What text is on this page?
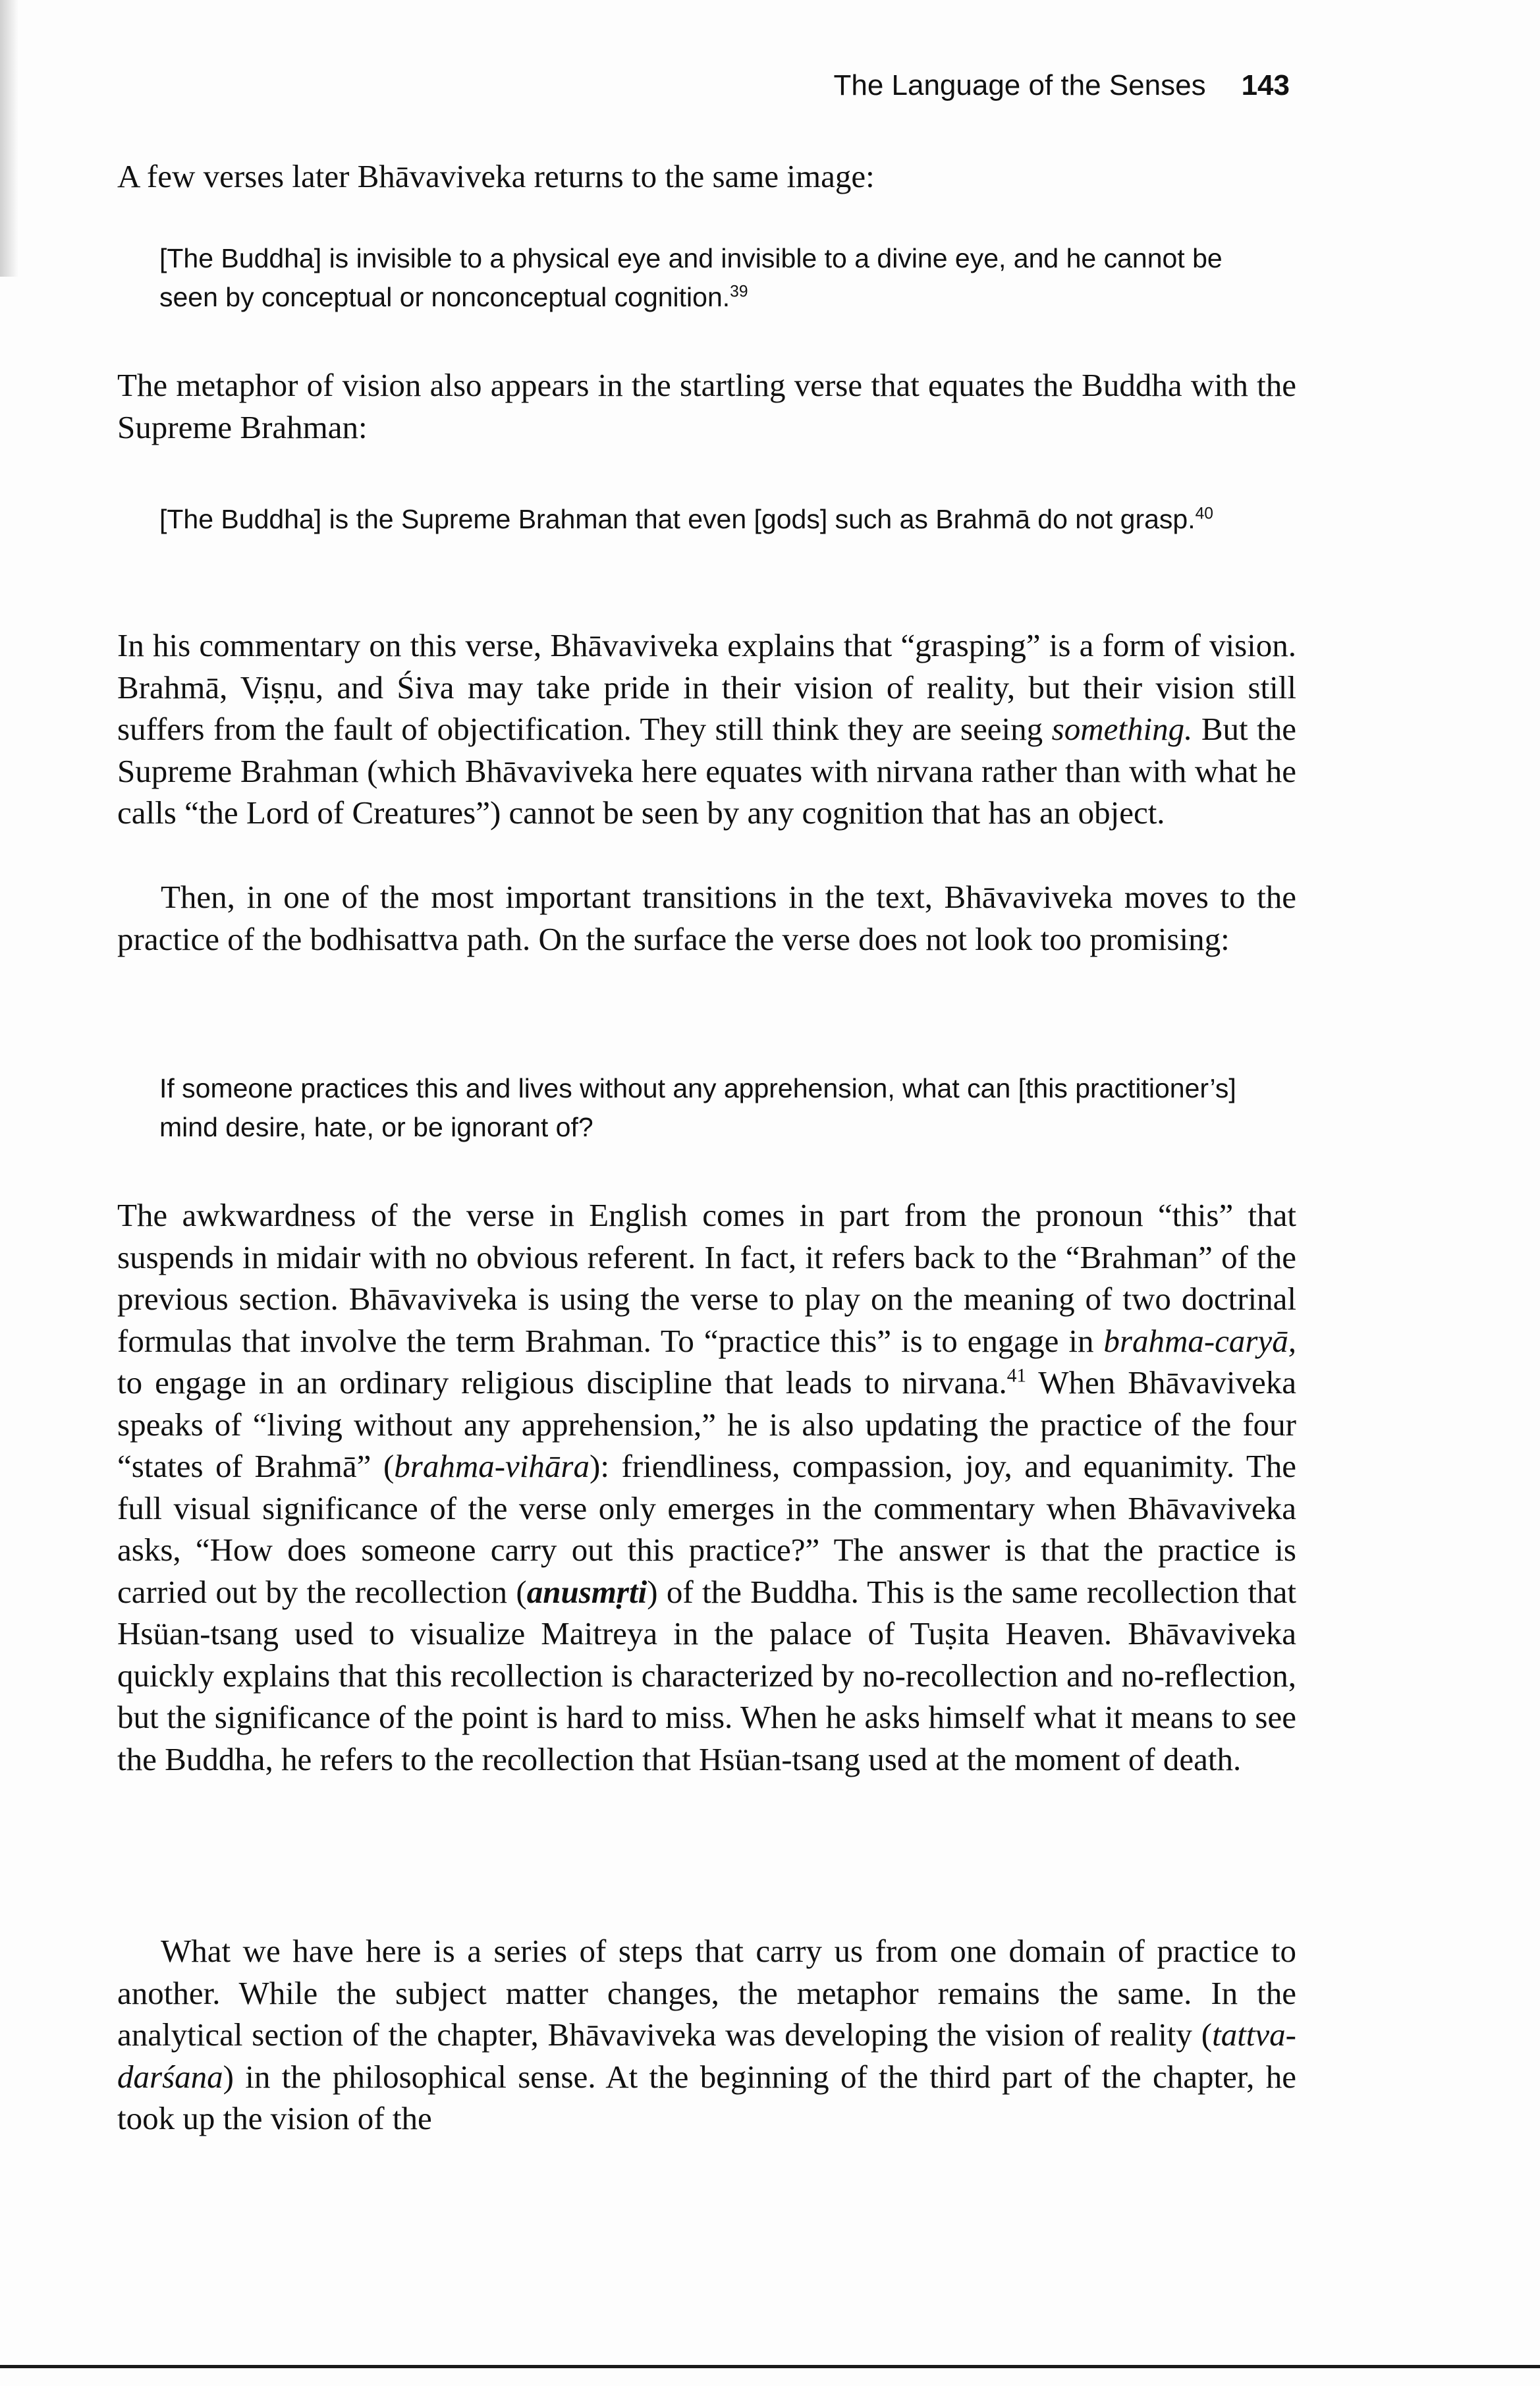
The Language of the Senses 143
A few verses later Bhāvaviveka returns to the same image:
[The Buddha] is invisible to a physical eye and invisible to a divine eye, and he cannot be seen by conceptual or nonconceptual cognition.$^{39}$
The metaphor of vision also appears in the startling verse that equates the Buddha with the Supreme Brahman:
[The Buddha] is the Supreme Brahman that even [gods] such as Brahmā do not grasp.$^{40}$
In his commentary on this verse, Bhāvaviveka explains that “grasping” is a form of vision. Brahmā, Viṣṇu, and Śiva may take pride in their vision of reality, but their vision still suffers from the fault of objectification. They still think they are seeing something. But the Supreme Brahman (which Bhāvaviveka here equates with nirvana rather than with what he calls “the Lord of Creatures”) cannot be seen by any cognition that has an object.
Then, in one of the most important transitions in the text, Bhāvaviveka moves to the practice of the bodhisattva path. On the surface the verse does not look too promising:
If someone practices this and lives without any apprehension, what can [this practitioner’s] mind desire, hate, or be ignorant of?
The awkwardness of the verse in English comes in part from the pronoun “this” that suspends in midair with no obvious referent. In fact, it refers back to the “Brahman” of the previous section. Bhāvaviveka is using the verse to play on the meaning of two doctrinal formulas that involve the term Brahman. To “practice this” is to engage in brahma-caryā, to engage in an ordinary religious discipline that leads to nirvana.$^{41}$ When Bhāvaviveka speaks of “living without any apprehension,” he is also updating the practice of the four “states of Brahmā” (brahma-vihāra): friendliness, compassion, joy, and equanimity. The full visual significance of the verse only emerges in the commentary when Bhāvaviveka asks, “How does someone carry out this practice?” The answer is that the practice is carried out by the recollection (anusmṛti) of the Buddha. This is the same recollection that Hsüan-tsang used to visualize Maitreya in the palace of Tuṣita Heaven. Bhāvaviveka quickly explains that this recollection is characterized by no-recollection and no-reflection, but the significance of the point is hard to miss. When he asks himself what it means to see the Buddha, he refers to the recollection that Hsüan-tsang used at the moment of death.
What we have here is a series of steps that carry us from one domain of practice to another. While the subject matter changes, the metaphor remains the same. In the analytical section of the chapter, Bhāvaviveka was developing the vision of reality (tattva-darśana) in the philosophical sense. At the beginning of the third part of the chapter, he took up the vision of the
